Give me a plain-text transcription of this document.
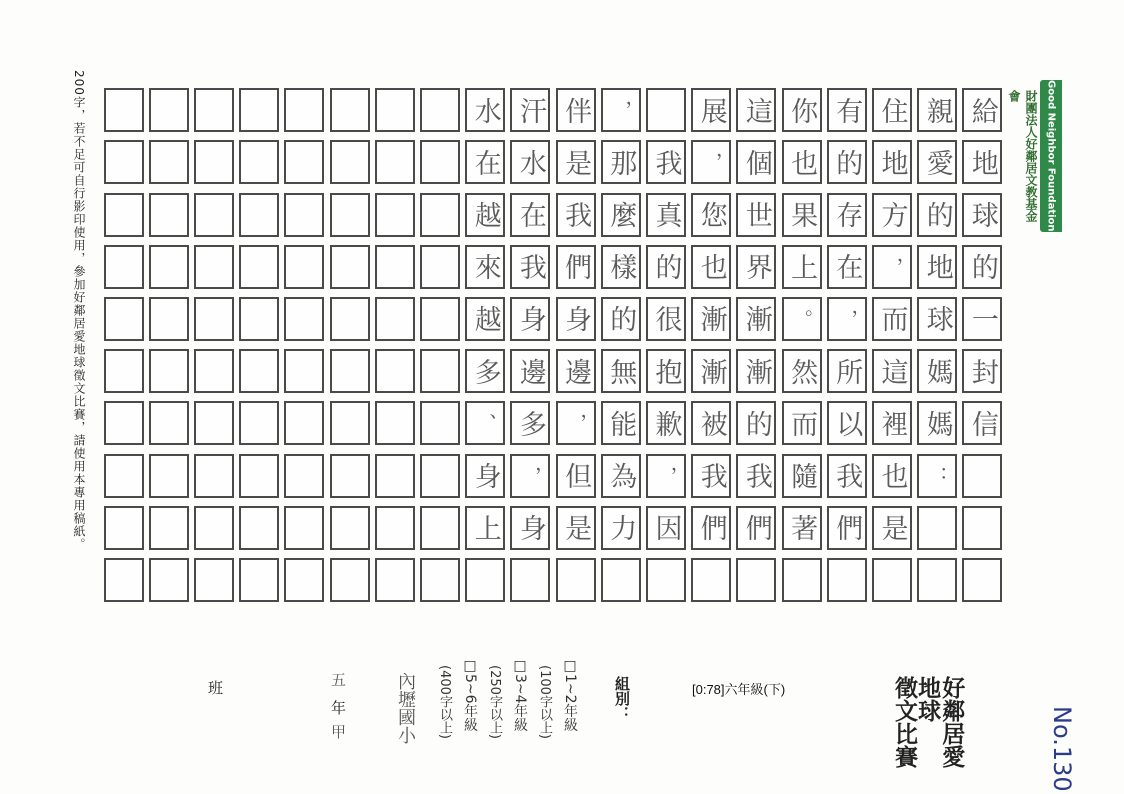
給
地
球
的
一
封
信
親
愛
的
地
球
媽
媽
：
住
地
方
，
而
這
裡
也
是
有
的
存
在
，
所
以
我
們
你
也
果
上
。
然
而
隨
著
這
個
世
界
漸
漸
的
我
們
展
，
您
也
漸
漸
被
我
們
我
真
的
很
抱
歉
，
因
，
那
麼
樣
的
無
能
為
力
伴
是
我
們
身
邊
，
但
是
汗
水
在
我
身
邊
多
，
身
水
在
越
來
越
多
、
身
上
Good Neighbor Foundation
財團法人好鄰居文教基金會
好鄰居愛地球
徵文比賽
[0:78]六年級(下)
組別：
□1~2年級
(100字以上)
□3~4年級
(250字以上)
□5~6年級
(400字以上)
內壢國小
五
年
甲
班
200字，若不足可自行影印使用，參加好鄰居愛地球徵文比賽，請使用本專用稿紙。
No.130
